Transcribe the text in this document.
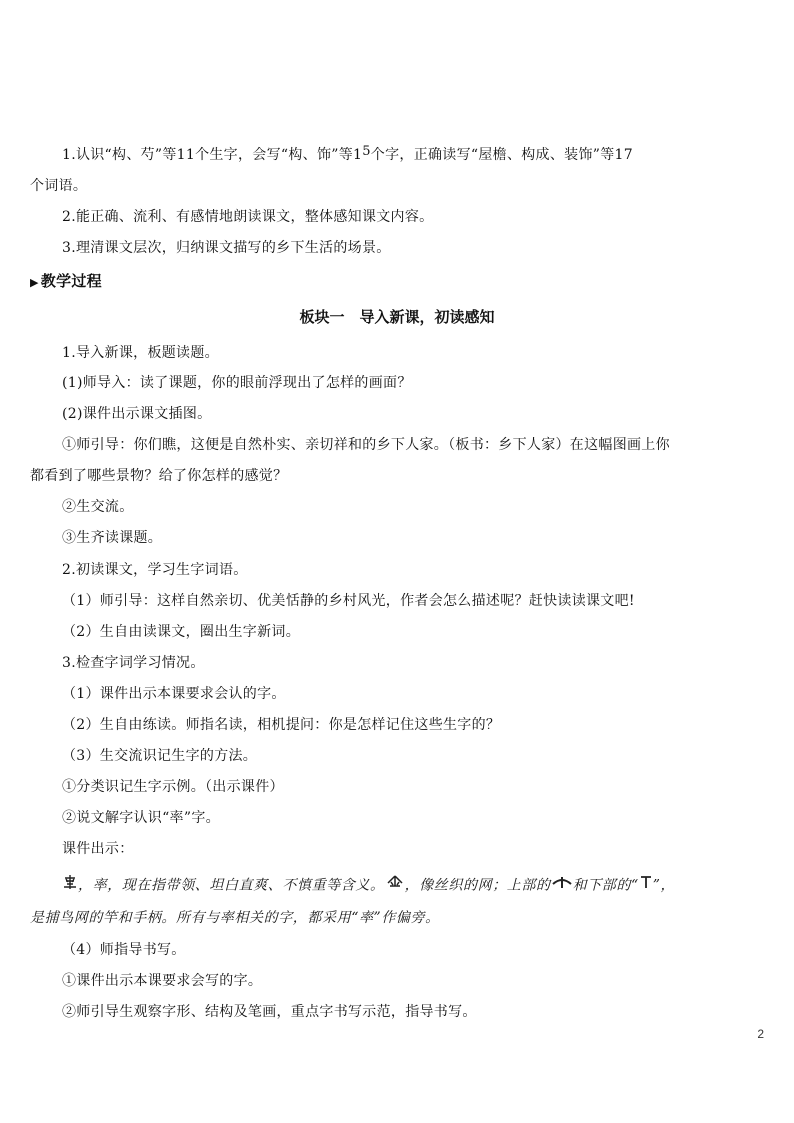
1.认识“构、芍”等11个生字，会写“构、饰”等15个字，正确读写“屋檐、构成、装饰”等17
个词语。
2.能正确、流利、有感情地朗读课文，整体感知课文内容。
3.理清课文层次，归纳课文描写的乡下生活的场景。
▶ 教学过程
板块一　导入新课，初读感知
1.导入新课，板题读题。
(1)师导入：读了课题，你的眼前浮现出了怎样的画面？
(2)课件出示课文插图。
①师引导：你们瞧，这便是自然朴实、亲切祥和的乡下人家。（板书：乡下人家）在这幅图画上你
都看到了哪些景物？给了你怎样的感觉？
②生交流。
③生齐读课题。
2.初读课文，学习生字词语。
（1）师引导：这样自然亲切、优美恬静的乡村风光，作者会怎么描述呢？赶快读读课文吧!
（2）生自由读课文，圈出生字新词。
3.检查字词学习情况。
（1）课件出示本课要求会认的字。
（2）生自由练读。师指名读，相机提问：你是怎样记住这些生字的？
（3）生交流识记生字的方法。
①分类识记生字示例。（出示课件）
②说文解字认识“率”字。
课件出示：
，率，现在指带领、坦白直爽、不慎重等含义。 ，像丝织的网；上部的 和下部的“ ”，
是捕鸟网的竿和手柄。所有与率相关的字，都采用“率”作偏旁。
（4）师指导书写。
①课件出示本课要求会写的字。
②师引导生观察字形、结构及笔画，重点字书写示范，指导书写。
2
